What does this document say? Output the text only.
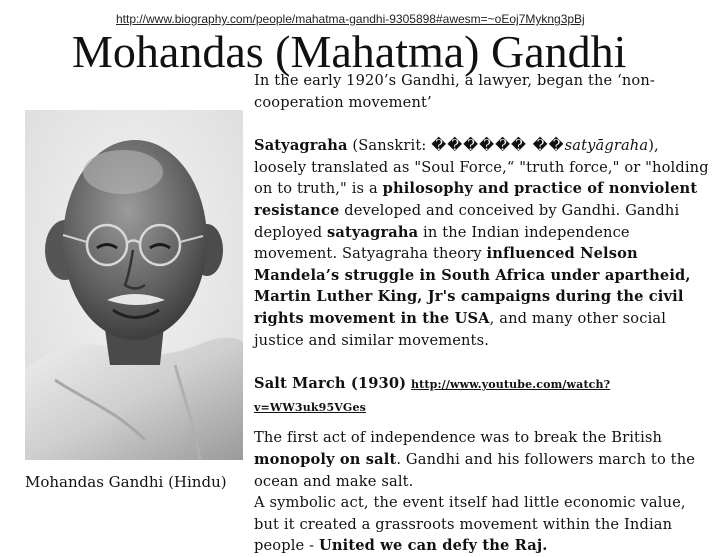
http://www.biography.com/people/mahatma-gandhi-9305898#awesm=~oEoj7Mykng3pBj
Mohandas (Mahatma) Gandhi
Mohandas Gandhi (Hindu)

In the early 1920’s Gandhi, a lawyer, began the ‘non-cooperation movement’

Satyagraha (Sanskrit: ������ ��satyāgraha), loosely translated as "Soul Force,“ "truth force," or "holding on to truth," is a philosophy and practice of nonviolent resistance developed and conceived by Gandhi. Gandhi deployed satyagraha in the Indian independence movement. Satyagraha theory influenced Nelson Mandela’s struggle in South Africa under apartheid, Martin Luther King, Jr's campaigns during the civil rights movement in the USA, and many other social justice and similar movements.

Salt March (1930) http://www.youtube.com/watch?v=WW3uk95VGes

The first act of independence was to break the British monopoly on salt. Gandhi and his followers march to the ocean and make salt.

A symbolic act, the event itself had little economic value, but it created a grassroots movement within the Indian people - United we can defy the Raj.
